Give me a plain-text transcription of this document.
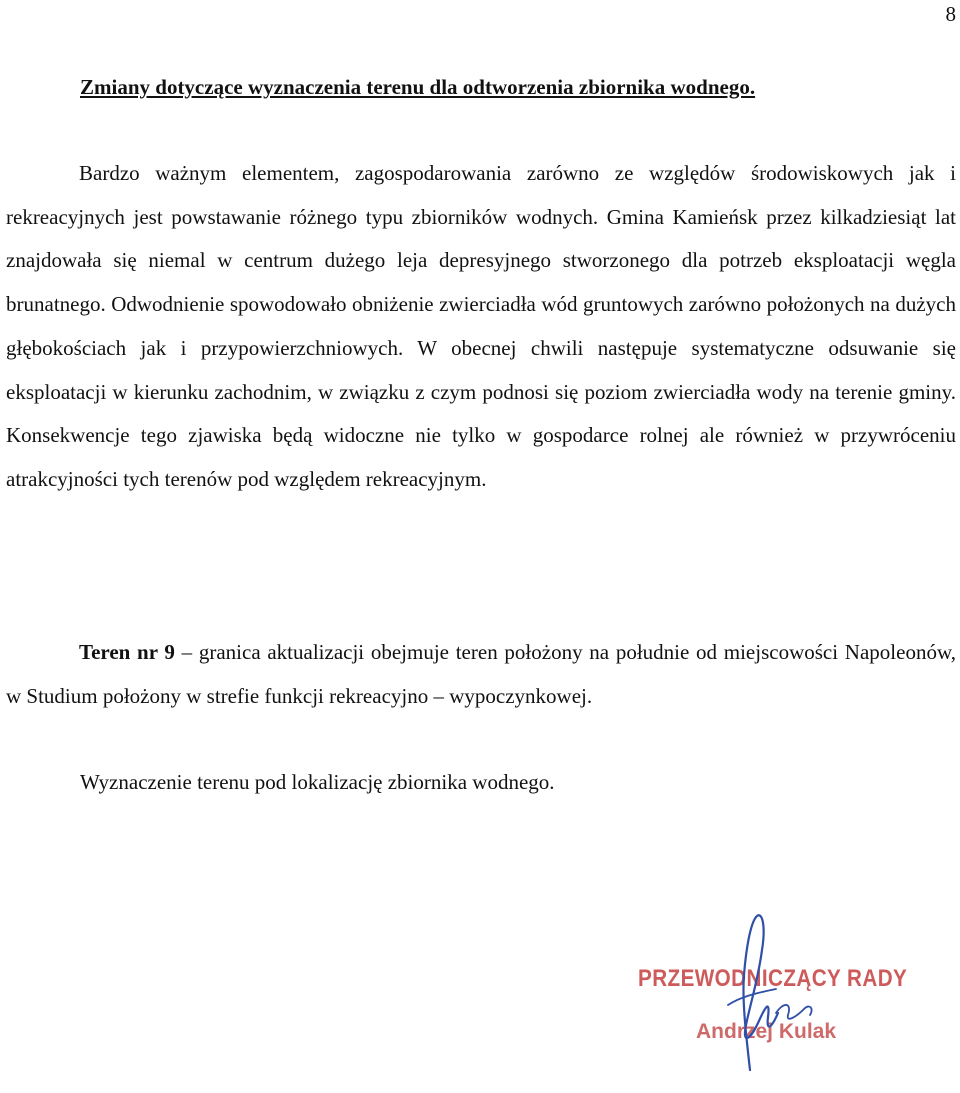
8
Zmiany dotyczące wyznaczenia terenu dla odtworzenia zbiornika wodnego.

Bardzo ważnym elementem, zagospodarowania zarówno ze względów środowiskowych jak i rekreacyjnych jest powstawanie różnego typu zbiorników wodnych. Gmina Kamieńsk przez kilkadziesiąt lat znajdowała się niemal w centrum dużego leja depresyjnego stworzonego dla potrzeb eksploatacji węgla brunatnego. Odwodnienie spowodowało obniżenie zwierciadła wód gruntowych zarówno położonych na dużych głębokościach jak i przypowierzchniowych. W obecnej chwili następuje systematyczne odsuwanie się eksploatacji w kierunku zachodnim, w związku z czym podnosi się poziom zwierciadła wody na terenie gminy. Konsekwencje tego zjawiska będą widoczne nie tylko w gospodarce rolnej ale również w przywróceniu atrakcyjności tych terenów pod względem rekreacyjnym.

Teren nr 9 – granica aktualizacji obejmuje teren położony na południe od miejscowości Napoleonów, w Studium położony w strefie funkcji rekreacyjno – wypoczynkowej.

Wyznaczenie terenu pod lokalizację zbiornika wodnego.

PRZEWODNICZĄCY RADY
Andrzej Kulak
